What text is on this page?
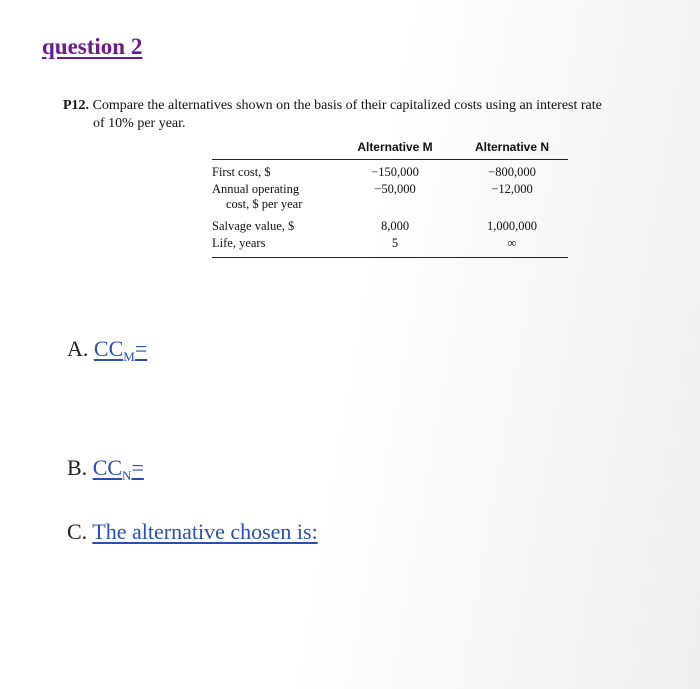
question 2
P12. Compare the alternatives shown on the basis of their capitalized costs using an interest rate
of 10% per year.
	Alternative M	Alternative N
First cost, $	−150,000	−800,000

Annual operating
cost, $ per year	−50,000	−12,000
Salvage value, $	8,000	1,000,000
Life, years	5	∞
A. $CC_M=$
B. $CC_N=$
C. The alternative chosen is:
